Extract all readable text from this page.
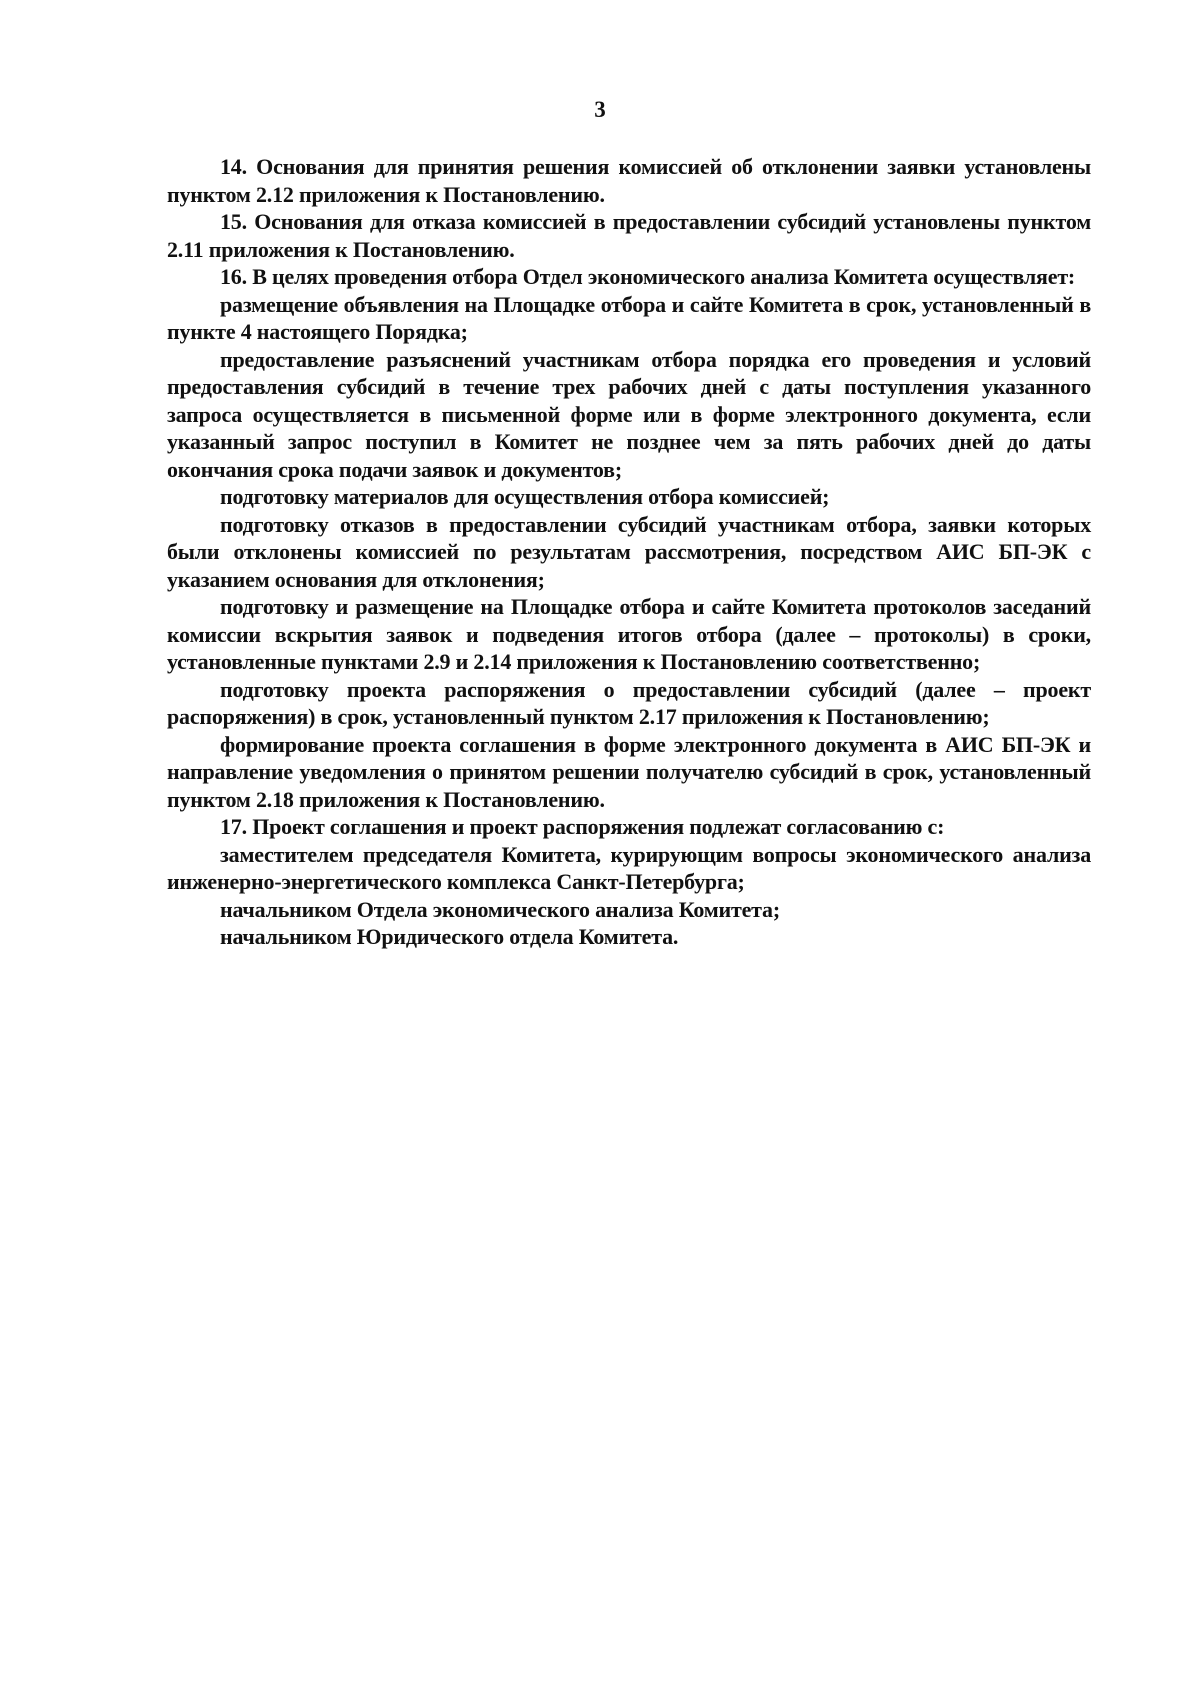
3

14. Основания для принятия решения комиссией об отклонении заявки установлены пунктом 2.12 приложения к Постановлению.

15. Основания для отказа комиссией в предоставлении субсидий установлены пунктом 2.11 приложения к Постановлению.

16. В целях проведения отбора Отдел экономического анализа Комитета осуществляет:

размещение объявления на Площадке отбора и сайте Комитета в срок, установленный в пункте 4 настоящего Порядка;

предоставление разъяснений участникам отбора порядка его проведения и условий предоставления субсидий в течение трех рабочих дней с даты поступления указанного запроса осуществляется в письменной форме или в форме электронного документа, если указанный запрос поступил в Комитет не позднее чем за пять рабочих дней до даты окончания срока подачи заявок и документов;

подготовку материалов для осуществления отбора комиссией;

подготовку отказов в предоставлении субсидий участникам отбора, заявки которых были отклонены комиссией по результатам рассмотрения, посредством АИС БП-ЭК с указанием основания для отклонения;

подготовку и размещение на Площадке отбора и сайте Комитета протоколов заседаний комиссии вскрытия заявок и подведения итогов отбора (далее – протоколы) в сроки, установленные пунктами 2.9 и 2.14 приложения к Постановлению соответственно;

подготовку проекта распоряжения о предоставлении субсидий (далее – проект распоряжения) в срок, установленный пунктом 2.17 приложения к Постановлению;

формирование проекта соглашения в форме электронного документа в АИС БП-ЭК и направление уведомления о принятом решении получателю субсидий в срок, установленный пунктом 2.18 приложения к Постановлению.

17. Проект соглашения и проект распоряжения подлежат согласованию с:

заместителем председателя Комитета, курирующим вопросы экономического анализа инженерно-энергетического комплекса Санкт-Петербурга;

начальником Отдела экономического анализа Комитета;

начальником Юридического отдела Комитета.
